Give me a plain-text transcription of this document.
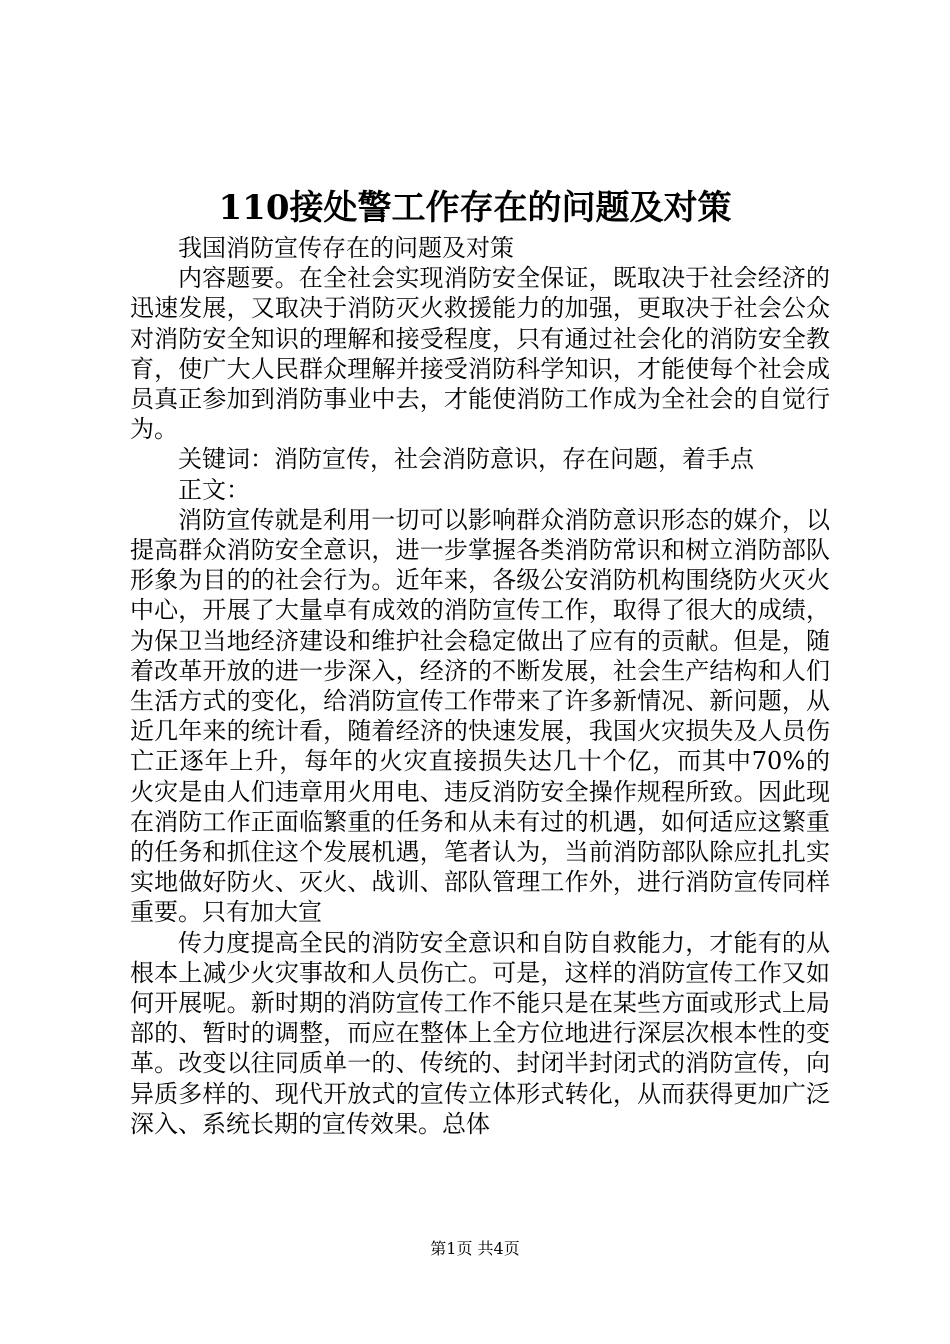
110接处警工作存在的问题及对策

我国消防宣传存在的问题及对策

内容题要。在全社会实现消防安全保证，既取决于社会经济的迅速发展，又取决于消防灭火救援能力的加强，更取决于社会公众对消防安全知识的理解和接受程度，只有通过社会化的消防安全教育，使广大人民群众理解并接受消防科学知识，才能使每个社会成员真正参加到消防事业中去，才能使消防工作成为全社会的自觉行为。

关键词：消防宣传，社会消防意识，存在问题，着手点

正文：

消防宣传就是利用一切可以影响群众消防意识形态的媒介，以提高群众消防安全意识，进一步掌握各类消防常识和树立消防部队形象为目的的社会行为。近年来，各级公安消防机构围绕防火灭火中心，开展了大量卓有成效的消防宣传工作，取得了很大的成绩，为保卫当地经济建设和维护社会稳定做出了应有的贡献。但是，随着改革开放的进一步深入，经济的不断发展，社会生产结构和人们生活方式的变化，给消防宣传工作带来了许多新情况、新问题，从近几年来的统计看，随着经济的快速发展，我国火灾损失及人员伤亡正逐年上升，每年的火灾直接损失达几十个亿，而其中70%的火灾是由人们违章用火用电、违反消防安全操作规程所致。因此现在消防工作正面临繁重的任务和从未有过的机遇，如何适应这繁重的任务和抓住这个发展机遇，笔者认为，当前消防部队除应扎扎实实地做好防火、灭火、战训、部队管理工作外，进行消防宣传同样重要。只有加大宣

传力度提高全民的消防安全意识和自防自救能力，才能有的从根本上减少火灾事故和人员伤亡。可是，这样的消防宣传工作又如何开展呢。新时期的消防宣传工作不能只是在某些方面或形式上局部的、暂时的调整，而应在整体上全方位地进行深层次根本性的变革。改变以往同质单一的、传统的、封闭半封闭式的消防宣传，向异质多样的、现代开放式的宣传立体形式转化，从而获得更加广泛深入、系统长期的宣传效果。总体

第1页 共4页
